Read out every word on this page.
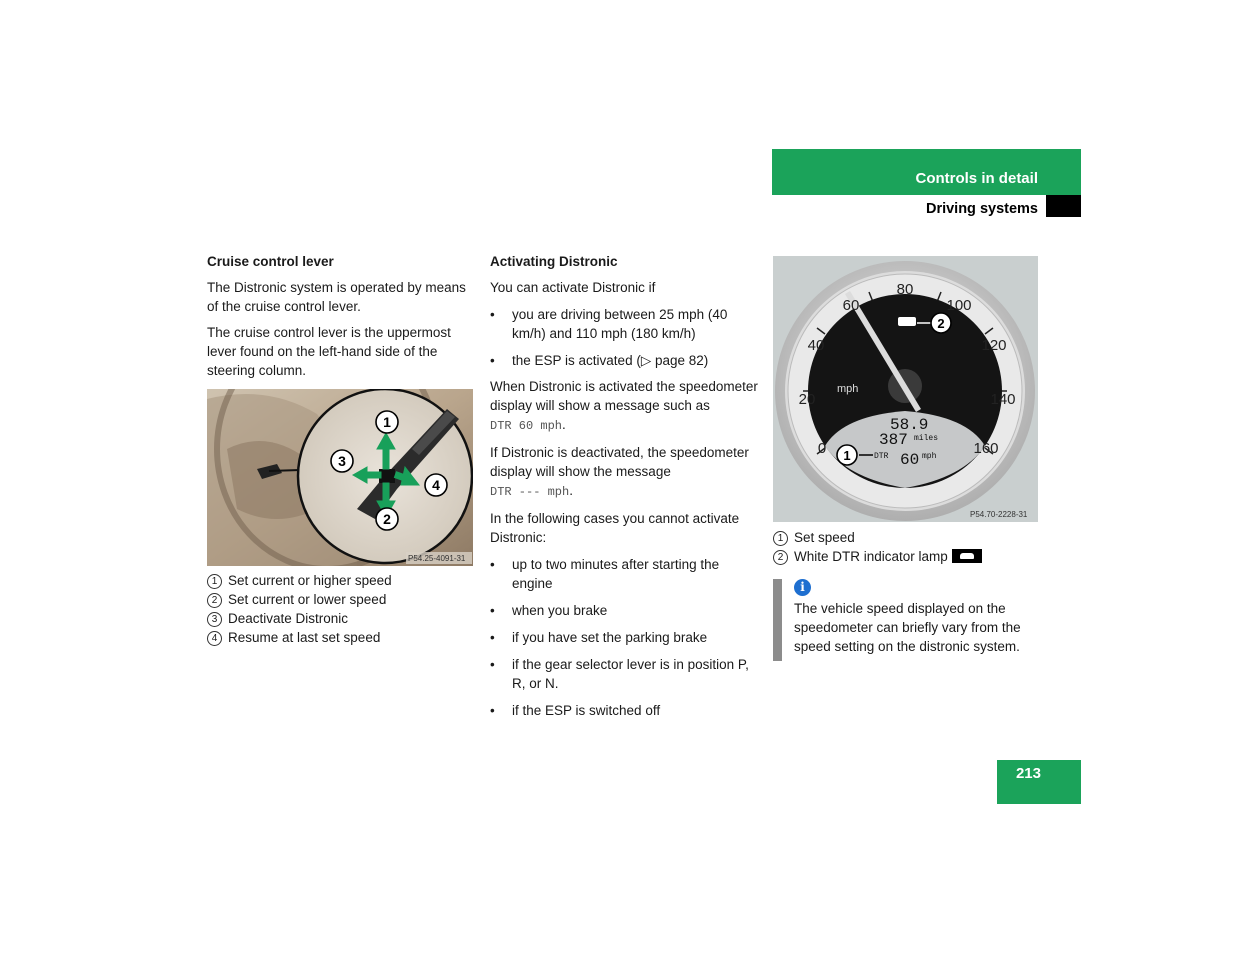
Controls in detail
Driving systems
Cruise control lever

The Distronic system is operated by means of the cruise control lever.

The cruise control lever is the uppermost lever found on the left-hand side of the steering column.

1
2
3
4
P54.25-4091-31
1 Set current or higher speed
2 Set current or lower speed
3 Deactivate Distronic
4 Resume at last set speed
Activating Distronic

You can activate Distronic if

• you are driving between 25 mph (40 km/h) and 110 mph (180 km/h)
• the ESP is activated (▷ page 82)

When Distronic is activated the speedometer display will show a message such as
DTR 60 mph.

If Distronic is deactivated, the speedometer display will show the message
DTR --- mph.

In the following cases you cannot activate Distronic:

• up to two minutes after starting the engine
• when you brake
• if you have set the parking brake
• if the gear selector lever is in position P, R, or N.
• if the ESP is switched off
0
20
40
60
80
100
120
140
160
mph
58.9
387 miles
DTR 60 mph
1
2
P54.70-2228-31
1 Set speed
2 White DTR indicator lamp
i

The vehicle speed displayed on the speedometer can briefly vary from the speed setting on the distronic system.

213
